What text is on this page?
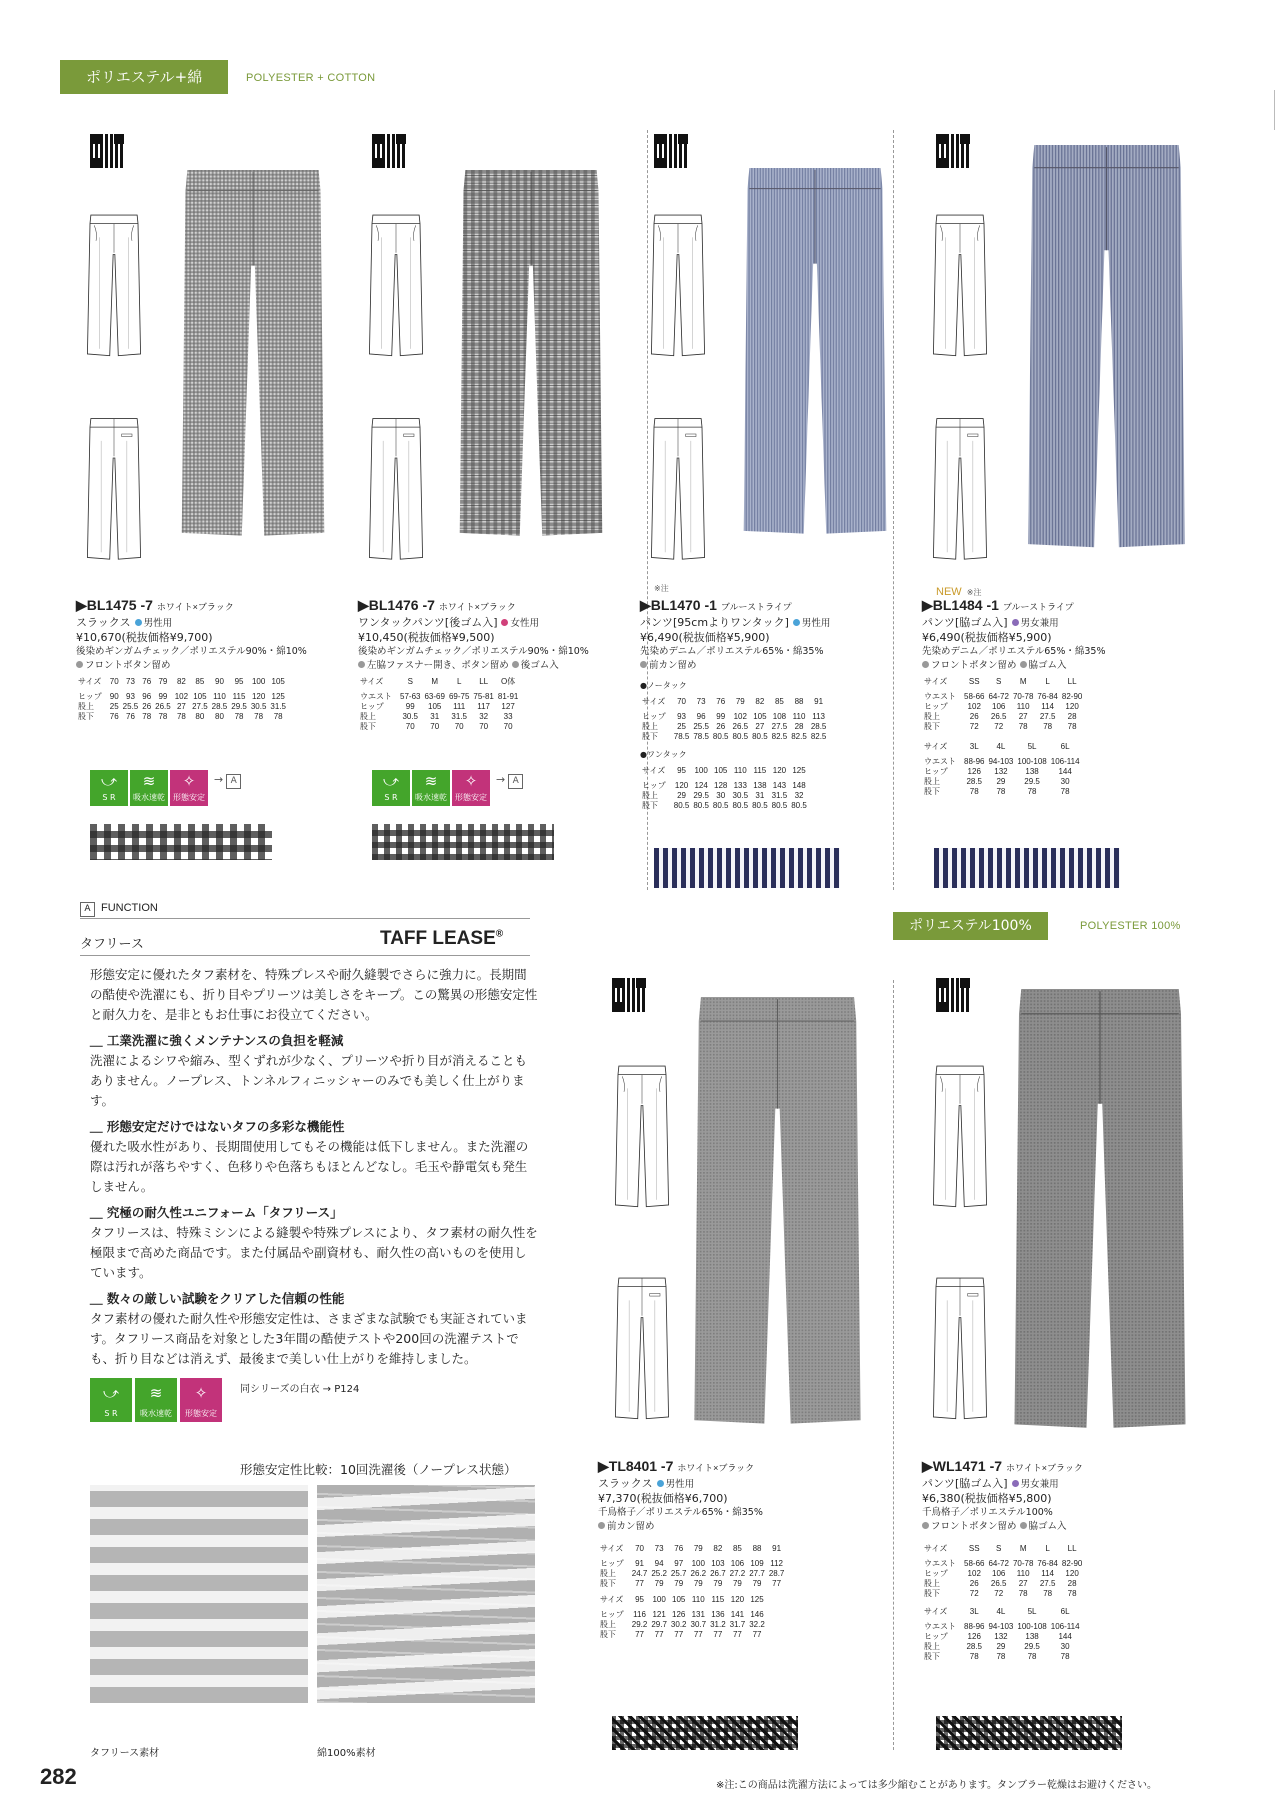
ポリエステル+綿	POLYESTER + COTTON
▶BL1475 -7 ホワイト×ブラック
スラックス 男性用
¥10,670(税抜価格¥9,700)
後染めギンガムチェック／ポリエステル90%・綿10%
フロントボタン留め
サイズ	70	73	76	79	82	85	90	95	100	105
ヒップ	90	93	96	99	102	105	110	115	120	125
股上	25	25.5	26	26.5	27	27.5	28.5	29.5	30.5	31.5
股下	76	76	78	78	78	80	80	78	78	78
▶BL1476 -7 ホワイト×ブラック
ワンタックパンツ[後ゴム入] 女性用
¥10,450(税抜価格¥9,500)
後染めギンガムチェック／ポリエステル90%・綿10%
左脇ファスナー開き、ボタン留め 後ゴム入
サイズ	S	M	L	LL	O体
ウエスト	57-63	63-69	69-75	75-81	81-91
ヒップ	99	105	111	117	127
股上	30.5	31	31.5	32	33
股下	70	70	70	70	70
※注
▶BL1470 -1 ブルーストライプ
パンツ[95cmよりワンタック] 男性用
¥6,490(税抜価格¥5,900)
先染めデニム／ポリエステル65%・綿35%
前カン留め
●ノータック
サイズ	70	73	76	79	82	85	88	91
ヒップ	93	96	99	102	105	108	110	113
股上	25	25.5	26	26.5	27	27.5	28	28.5
股下	78.5	78.5	80.5	80.5	80.5	82.5	82.5	82.5
●ワンタック
サイズ	95	100	105	110	115	120	125
ヒップ	120	124	128	133	138	143	148
股上	29	29.5	30	30.5	31	31.5	32
股下	80.5	80.5	80.5	80.5	80.5	80.5	80.5
NEW ※注
▶BL1484 -1 ブルーストライプ
パンツ[脇ゴム入] 男女兼用
¥6,490(税抜価格¥5,900)
先染めデニム／ポリエステル65%・綿35%
フロントボタン留め 脇ゴム入
サイズ	SS	S	M	L	LL
ウエスト	58-66	64-72	70-78	76-84	82-90
ヒップ	102	106	110	114	120
股上	26	26.5	27	27.5	28
股下	72	72	78	78	78
サイズ	3L	4L	5L	6L
ウエスト	88-96	94-103	100-108	106-114
ヒップ	126	132	138	144
股上	28.5	29	29.5	30
股下	78	78	78	78
⤻
S R
≋
吸水速乾
✧
形態安定
→ A	⤻
S R
≋
吸水速乾
✧
形態安定
→ A
A FUNCTION
タフリース	TAFF LEASE®
形態安定に優れたタフ素材を、特殊プレスや耐久縫製でさらに強力に。長期間の酷使や洗濯にも、折り目やプリーツは美しさをキープ。この驚異の形態安定性と耐久力を、是非ともお仕事にお役立てください。
＿ 工業洗濯に強くメンテナンスの負担を軽減
洗濯によるシワや縮み、型くずれが少なく、プリーツや折り目が消えることもありません。ノープレス、トンネルフィニッシャーのみでも美しく仕上がります。
＿ 形態安定だけではないタフの多彩な機能性
優れた吸水性があり、長期間使用してもその機能は低下しません。また洗濯の際は汚れが落ちやすく、色移りや色落ちもほとんどなし。毛玉や静電気も発生しません。
＿ 究極の耐久性ユニフォーム「タフリース」
タフリースは、特殊ミシンによる縫製や特殊プレスにより、タフ素材の耐久性を極限まで高めた商品です。また付属品や副資材も、耐久性の高いものを使用しています。
＿ 数々の厳しい試験をクリアした信頼の性能
タフ素材の優れた耐久性や形態安定性は、さまざまな試験でも実証されています。タフリース商品を対象とした3年間の酷使テストや200回の洗濯テストでも、折り目などは消えず、最後まで美しい仕上がりを維持しました。
⤻
S R
≋
吸水速乾
✧
形態安定
同シリーズの白衣 → P124
形態安定性比較：10回洗濯後（ノープレス状態）
タフリース素材	綿100%素材
ポリエステル100%	POLYESTER 100%
▶TL8401 -7 ホワイト×ブラック
スラックス 男性用
¥7,370(税抜価格¥6,700)
千鳥格子／ポリエステル65%・綿35%
前カン留め
サイズ	70	73	76	79	82	85	88	91
ヒップ	91	94	97	100	103	106	109	112
股上	24.7	25.2	25.7	26.2	26.7	27.2	27.7	28.7
股下	77	79	79	79	79	79	79	77
サイズ	95	100	105	110	115	120	125
ヒップ	116	121	126	131	136	141	146
股上	29.2	29.7	30.2	30.7	31.2	31.7	32.2
股下	77	77	77	77	77	77	77
▶WL1471 -7 ホワイト×ブラック
パンツ[脇ゴム入] 男女兼用
¥6,380(税抜価格¥5,800)
千鳥格子／ポリエステル100%
フロントボタン留め 脇ゴム入
サイズ	SS	S	M	L	LL
ウエスト	58-66	64-72	70-78	76-84	82-90
ヒップ	102	106	110	114	120
股上	26	26.5	27	27.5	28
股下	72	72	78	78	78
サイズ	3L	4L	5L	6L
ウエスト	88-96	94-103	100-108	106-114
ヒップ	126	132	138	144
股上	28.5	29	29.5	30
股下	78	78	78	78
282	※注:この商品は洗濯方法によっては多少縮むことがあります。タンブラー乾燥はお避けください。
